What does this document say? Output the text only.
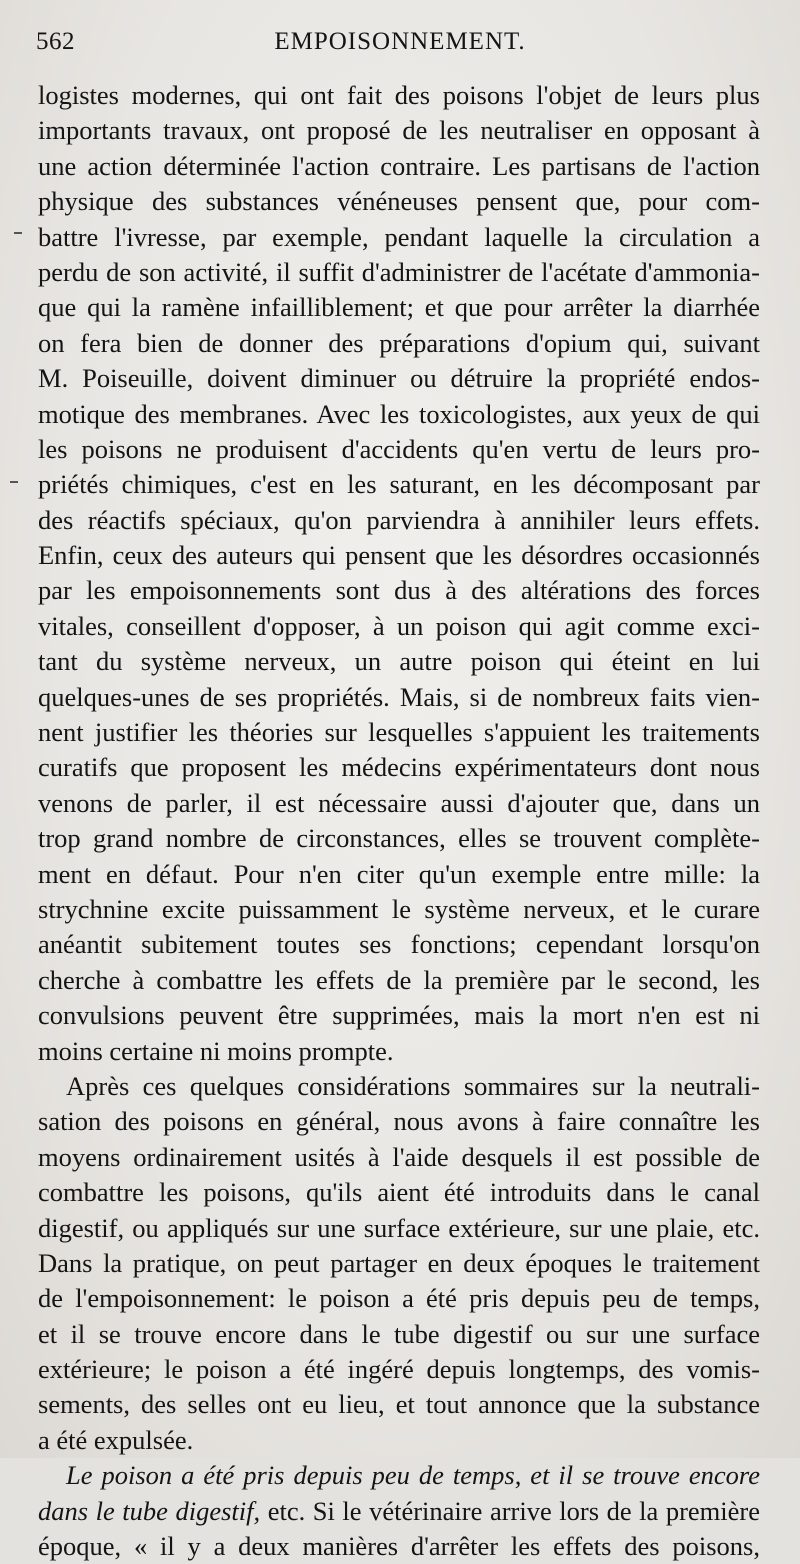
562	EMPOISONNEMENT.
logistes modernes, qui ont fait des poisons l'objet de leurs plus
importants travaux, ont proposé de les neutraliser en opposant à
une action déterminée l'action contraire. Les partisans de l'action
physique des substances vénéneuses pensent que, pour com-
battre l'ivresse, par exemple, pendant laquelle la circulation a
perdu de son activité, il suffit d'administrer de l'acétate d'ammonia-
que qui la ramène infailliblement; et que pour arrêter la diarrhée
on fera bien de donner des préparations d'opium qui, suivant
M. Poiseuille, doivent diminuer ou détruire la propriété endos-
motique des membranes. Avec les toxicologistes, aux yeux de qui
les poisons ne produisent d'accidents qu'en vertu de leurs pro-
priétés chimiques, c'est en les saturant, en les décomposant par
des réactifs spéciaux, qu'on parviendra à annihiler leurs effets.
Enfin, ceux des auteurs qui pensent que les désordres occasionnés
par les empoisonnements sont dus à des altérations des forces
vitales, conseillent d'opposer, à un poison qui agit comme exci-
tant du système nerveux, un autre poison qui éteint en lui
quelques-unes de ses propriétés. Mais, si de nombreux faits vien-
nent justifier les théories sur lesquelles s'appuient les traitements
curatifs que proposent les médecins expérimentateurs dont nous
venons de parler, il est nécessaire aussi d'ajouter que, dans un
trop grand nombre de circonstances, elles se trouvent complète-
ment en défaut. Pour n'en citer qu'un exemple entre mille: la
strychnine excite puissamment le système nerveux, et le curare
anéantit subitement toutes ses fonctions; cependant lorsqu'on
cherche à combattre les effets de la première par le second, les
convulsions peuvent être supprimées, mais la mort n'en est ni
moins certaine ni moins prompte.
Après ces quelques considérations sommaires sur la neutrali-
sation des poisons en général, nous avons à faire connaître les
moyens ordinairement usités à l'aide desquels il est possible de
combattre les poisons, qu'ils aient été introduits dans le canal
digestif, ou appliqués sur une surface extérieure, sur une plaie, etc.
Dans la pratique, on peut partager en deux époques le traitement
de l'empoisonnement: le poison a été pris depuis peu de temps,
et il se trouve encore dans le tube digestif ou sur une surface
extérieure; le poison a été ingéré depuis longtemps, des vomis-
sements, des selles ont eu lieu, et tout annonce que la substance
a été expulsée.
Le poison a été pris depuis peu de temps, et il se trouve encore
dans le tube digestif, etc. Si le vétérinaire arrive lors de la première
époque, « il y a deux manières d'arrêter les effets des poisons,
